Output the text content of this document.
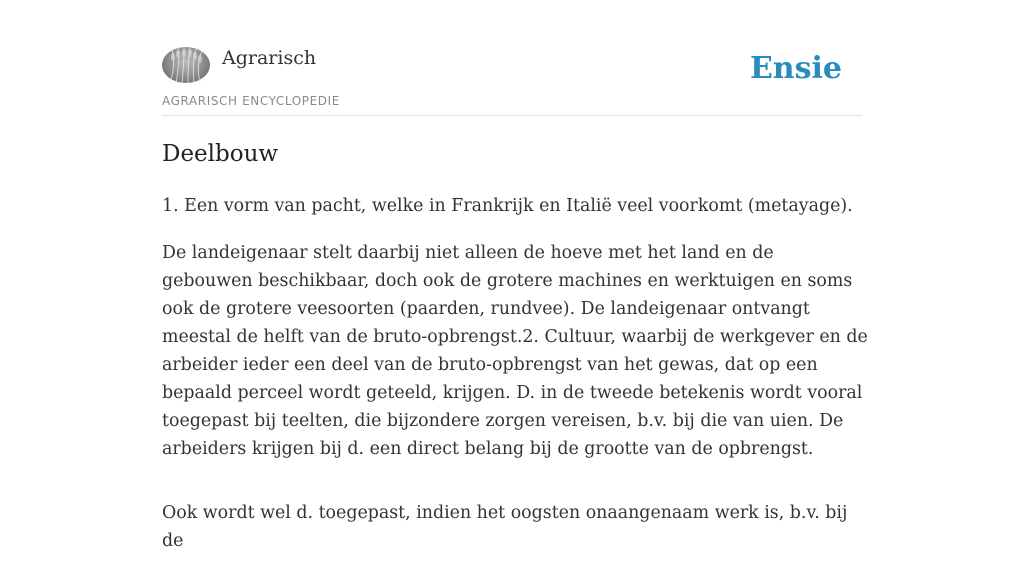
Agrarisch
AGRARISCH ENCYCLOPEDIE
Ensie
Deelbouw

1. Een vorm van pacht, welke in Frankrijk en Italië veel voorkomt (metayage).

De landeigenaar stelt daarbij niet alleen de hoeve met het land en de gebouwen beschikbaar, doch ook de grotere machines en werktuigen en soms ook de grotere veesoorten (paarden, rundvee). De landeigenaar ontvangt meestal de helft van de bruto-opbrengst.2. Cultuur, waarbij de werkgever en de arbeider ieder een deel van de bruto-opbrengst van het gewas, dat op een bepaald perceel wordt geteeld, krijgen. D. in de tweede betekenis wordt vooral toegepast bij teelten, die bijzondere zorgen vereisen, b.v. bij die van uien. De arbeiders krijgen bij d. een direct belang bij de grootte van de opbrengst.

Ook wordt wel d. toegepast, indien het oogsten onaangenaam werk is, b.v. bij de
